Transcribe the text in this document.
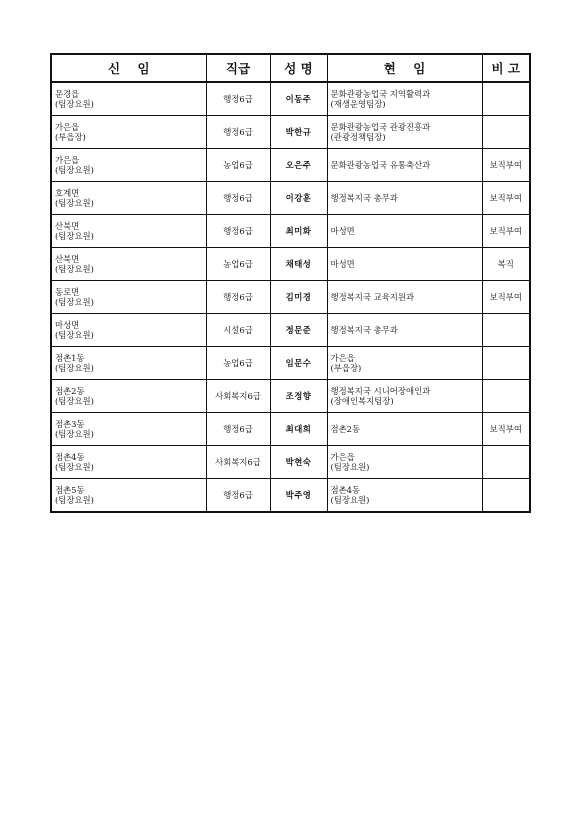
신    임	직급	성 명	현    임	비 고

문경읍
(팀장요원)	행정6급	이동주	문화관광농업국 지역활력과
(재생운영팀장)	

가은읍
(부읍장)	행정6급	박한규	문화관광농업국 관광진흥과
(관광정책팀장)	

가은읍
(팀장요원)	농업6급	오은주	문화관광농업국 유통축산과	보직부여

호계면
(팀장요원)	행정6급	이강훈	행정복지국 총무과	보직부여

산북면
(팀장요원)	행정6급	최미화	마성면	보직부여

산북면
(팀장요원)	농업6급	채태성	마성면	복직

동로면
(팀장요원)	행정6급	김미경	행정복지국 교육지원과	보직부여

마성면
(팀장요원)	시설6급	정문준	행정복지국 총무과	

점촌1동
(팀장요원)	농업6급	임문수	가은읍
(부읍장)	

점촌2동
(팀장요원)	사회복지6급	조정향	행정복지국 시니어장애인과
(장애인복지팀장)	

점촌3동
(팀장요원)	행정6급	최대희	점촌2동	보직부여

점촌4동
(팀장요원)	사회복지6급	박현숙	가은읍
(팀장요원)	

점촌5동
(팀장요원)	행정6급	박주영	점촌4동
(팀장요원)	
